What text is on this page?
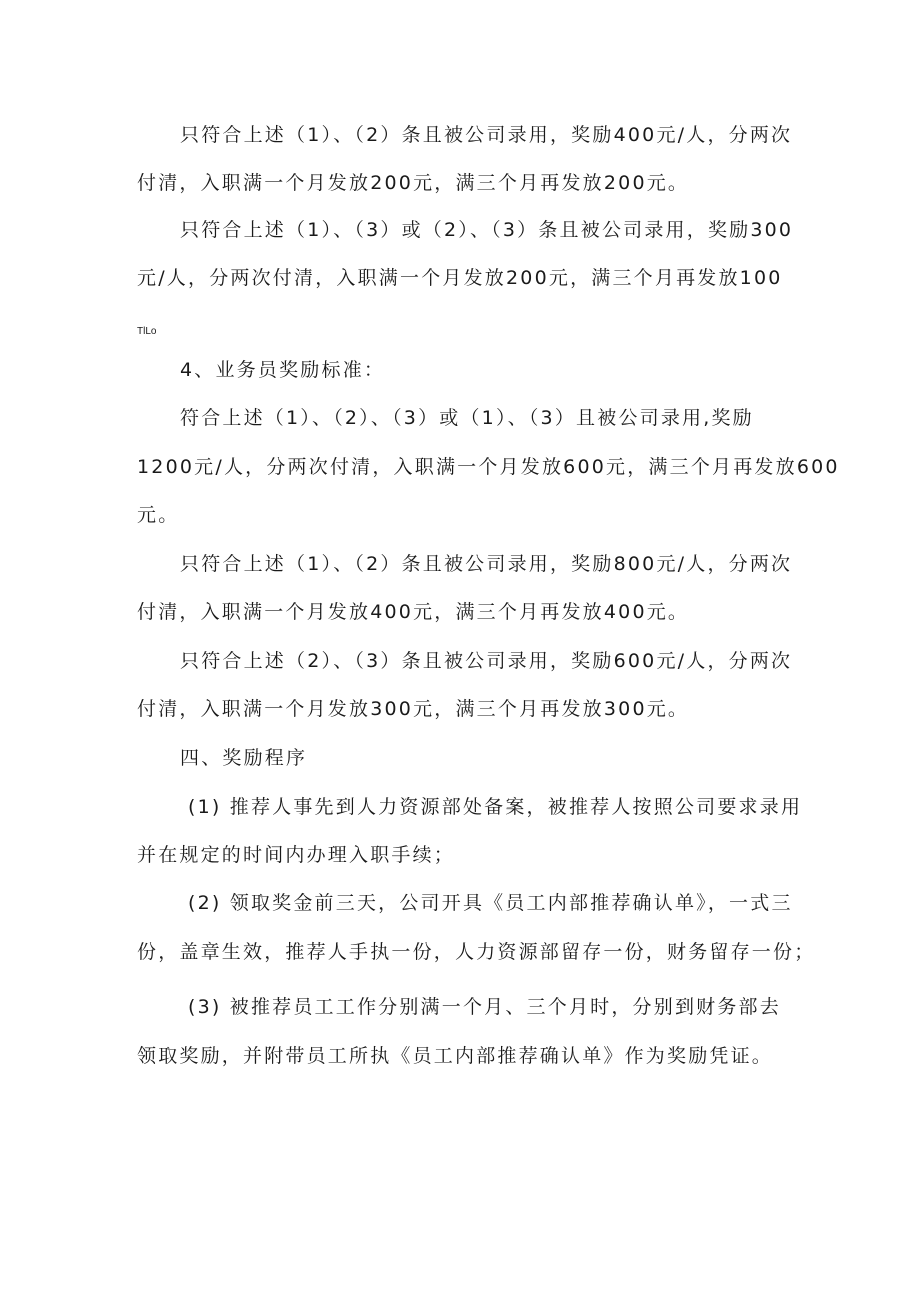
只符合上述（1）、（2）条且被公司录用，奖励400元/人，分两次
付清，入职满一个月发放200元，满三个月再发放200元。
只符合上述（1）、（3）或（2）、（3）条且被公司录用，奖励300
元/人，分两次付清，入职满一个月发放200元，满三个月再发放100
TlLo
4、业务员奖励标准：
符合上述（1）、（2）、（3）或（1）、（3）且被公司录用,奖励
1200元/人，分两次付清，入职满一个月发放600元，满三个月再发放600
元。
只符合上述（1）、（2）条且被公司录用，奖励800元/人，分两次
付清，入职满一个月发放400元，满三个月再发放400元。
只符合上述（2）、（3）条且被公司录用，奖励600元/人，分两次
付清，入职满一个月发放300元，满三个月再发放300元。
四、奖励程序
(1) 推荐人事先到人力资源部处备案，被推荐人按照公司要求录用
并在规定的时间内办理入职手续；
(2) 领取奖金前三天，公司开具《员工内部推荐确认单》，一式三
份，盖章生效，推荐人手执一份，人力资源部留存一份，财务留存一份；
(3) 被推荐员工工作分别满一个月、三个月时，分别到财务部去
领取奖励，并附带员工所执《员工内部推荐确认单》作为奖励凭证。
